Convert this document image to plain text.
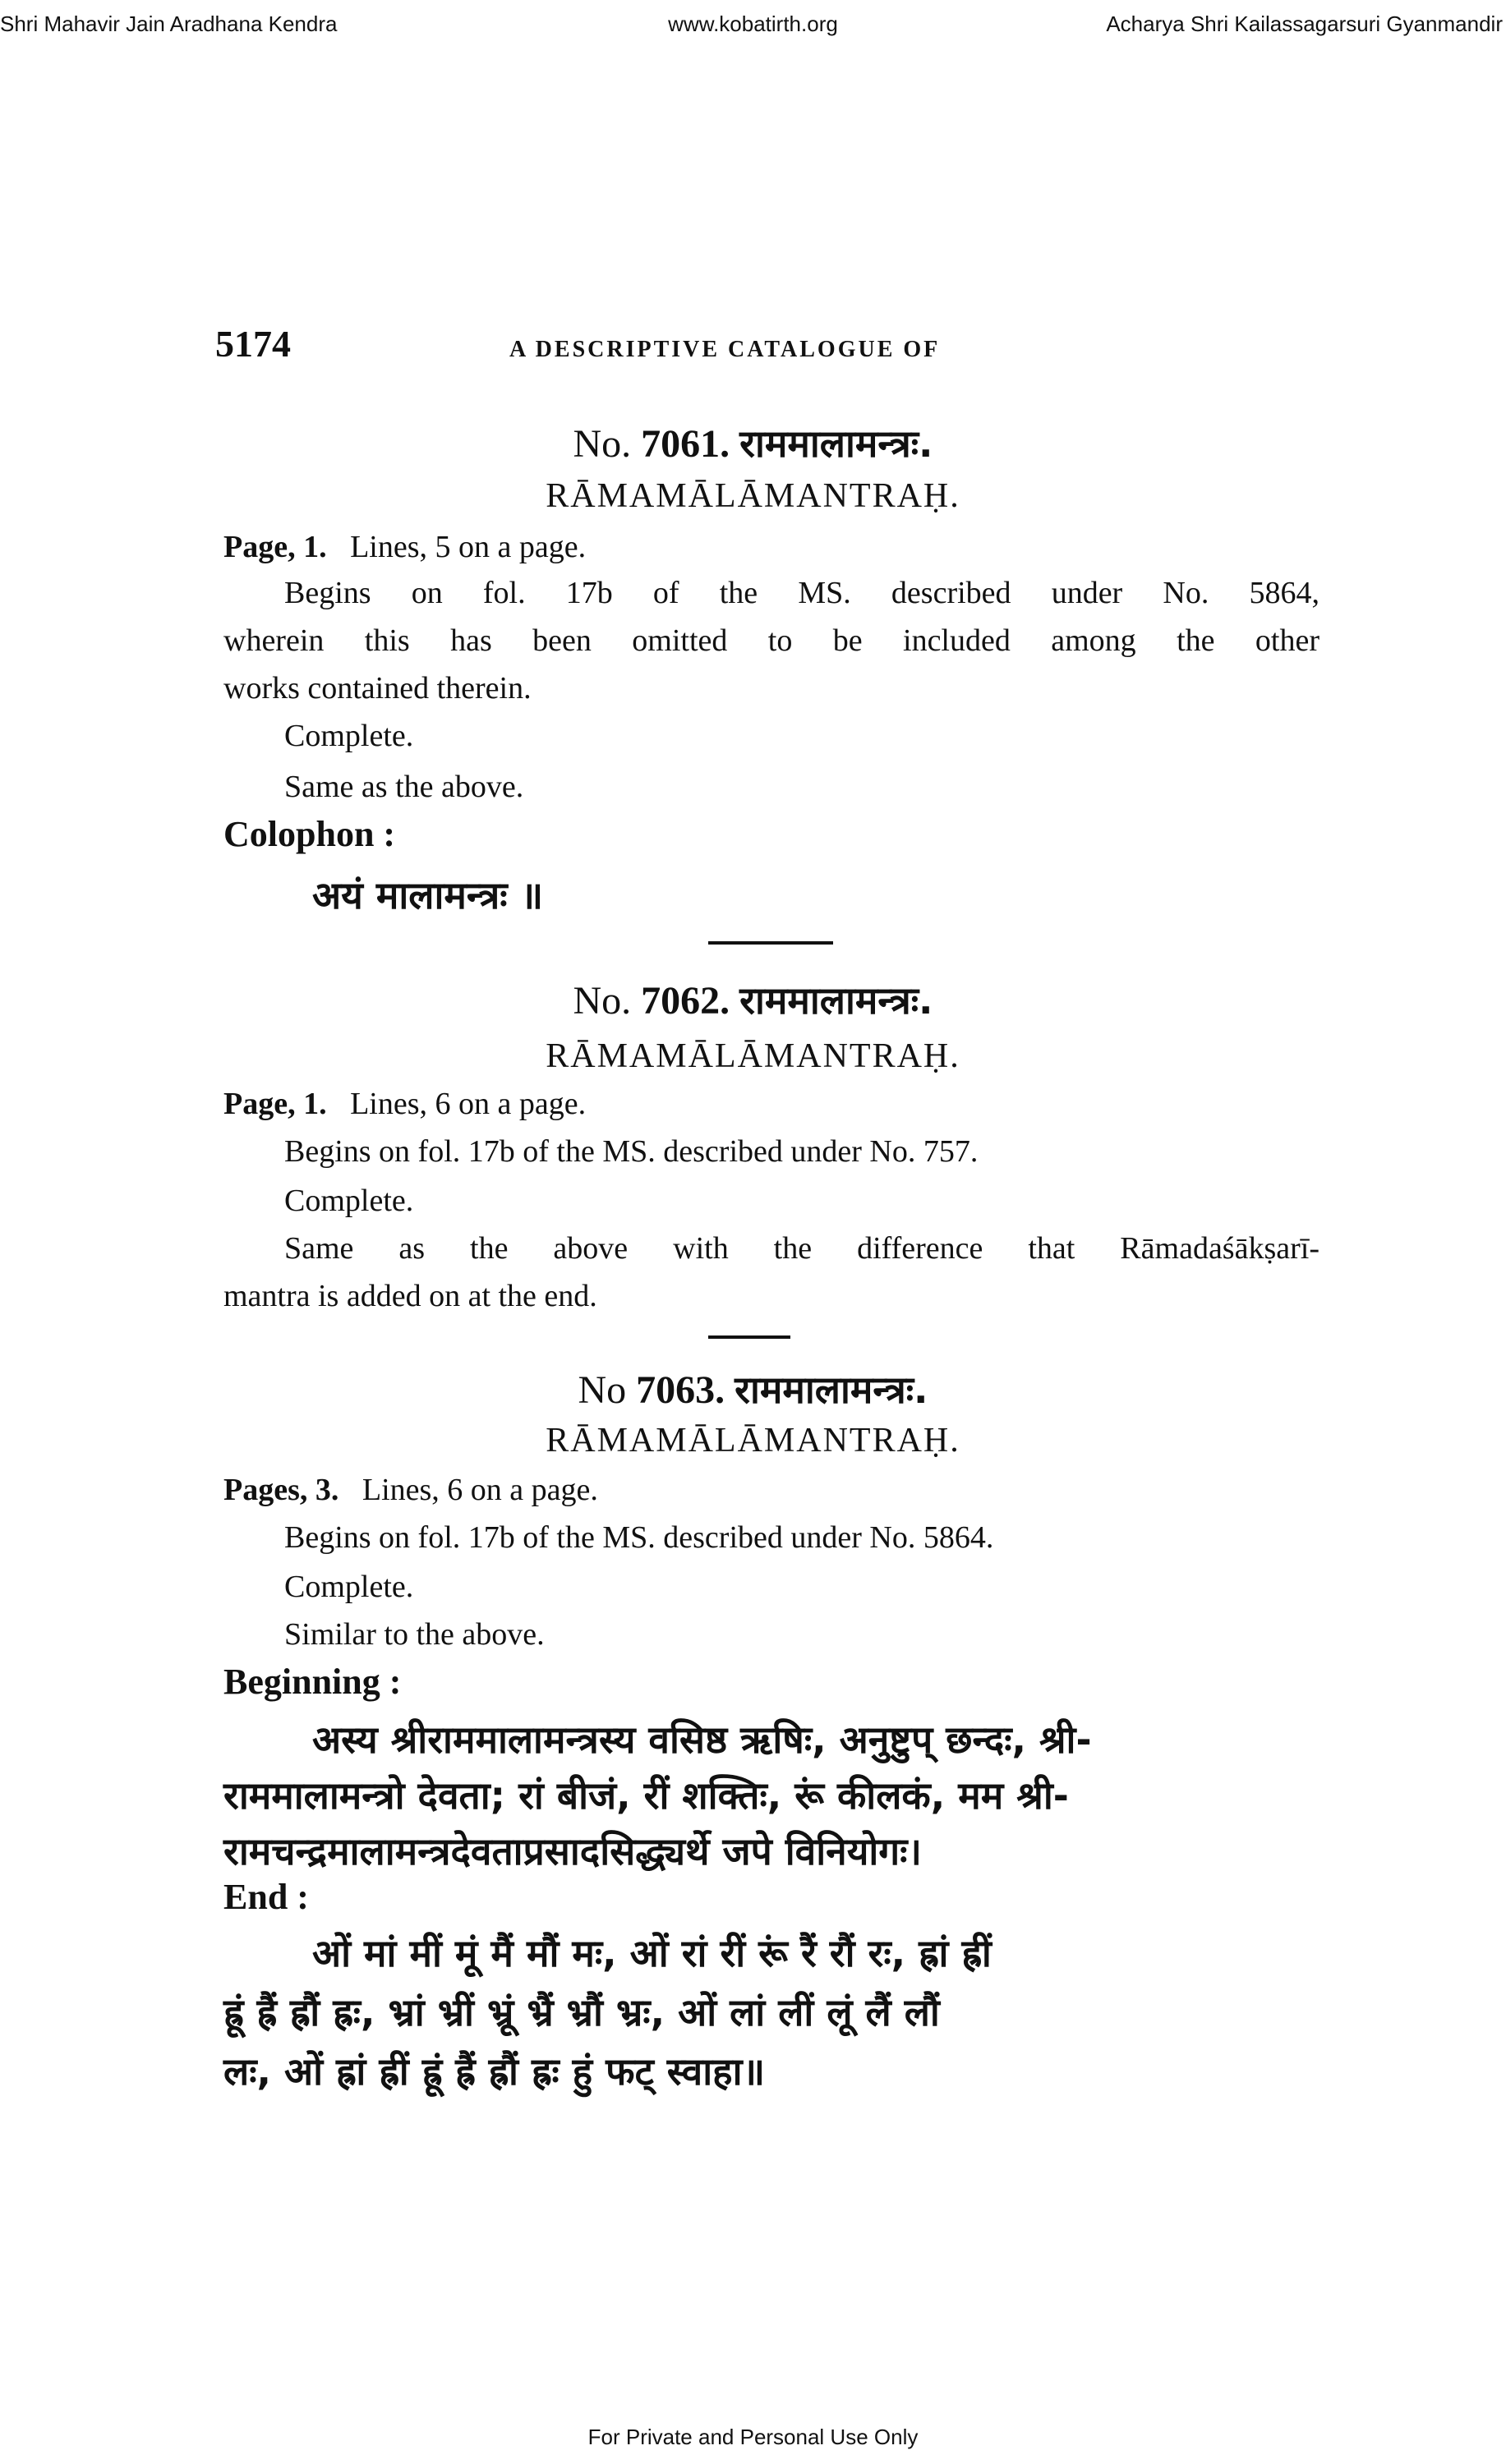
Shri Mahavir Jain Aradhana Kendra	www.kobatirth.org	Acharya Shri Kailassagarsuri Gyanmandir
5174	A DESCRIPTIVE CATALOGUE OF
No. 7061. राममालामन्त्रः.
RĀMAMĀLĀMANTRAḤ.
Page, 1. Lines, 5 on a page.
Begins on fol. 17b of the MS. described under No. 5864,
wherein this has been omitted to be included among the other
works contained therein.
Complete.
Same as the above.
Colophon :
अयं मालामन्त्रः ॥
No. 7062. राममालामन्त्रः.
RĀMAMĀLĀMANTRAḤ.
Page, 1. Lines, 6 on a page.
Begins on fol. 17b of the MS. described under No. 757.
Complete.
Same as the above with the difference that Rāmadaśākṣarī-
mantra is added on at the end.
No 7063. राममालामन्त्रः.
RĀMAMĀLĀMANTRAḤ.
Pages, 3. Lines, 6 on a page.
Begins on fol. 17b of the MS. described under No. 5864.
Complete.
Similar to the above.
Beginning :
अस्य श्रीराममालामन्त्रस्य वसिष्ठ ऋषिः, अनुष्टुप् छन्दः, श्री-
राममालामन्त्रो देवता; रां बीजं, रीं शक्तिः, रूं कीलकं, मम श्री-
रामचन्द्रमालामन्त्रदेवताप्रसादसिद्ध्यर्थे जपे विनियोगः।
End :
ओं मां मीं मूं मैं मौं मः, ओं रां रीं रूं रैं रौं रः, ह्रां ह्रीं
ह्रूं ह्रैं ह्रौं ह्रः, भ्रां भ्रीं भ्रूं भ्रैं भ्रौं भ्रः, ओं लां लीं लूं लैं लौं
लः, ओं ह्रां ह्रीं ह्रूं ह्रैं ह्रौं ह्रः हुं फट् स्वाहा॥
For Private and Personal Use Only
